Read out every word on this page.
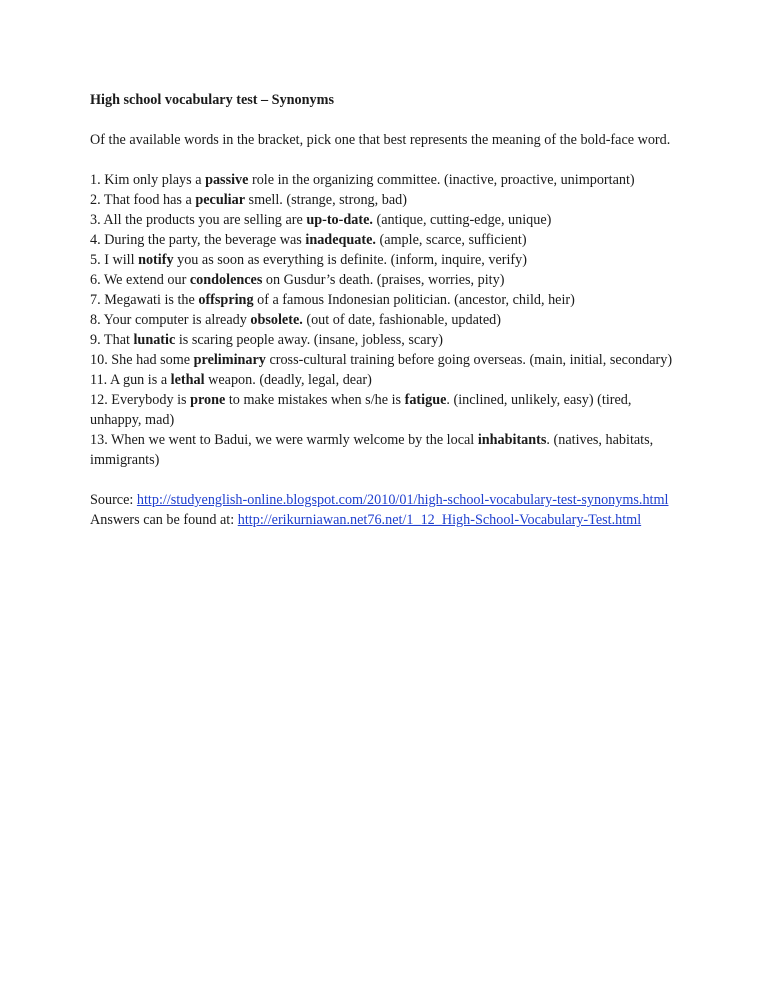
High school vocabulary test – Synonyms

Of the available words in the bracket, pick one that best represents the meaning of the bold-face word.

1. Kim only plays a passive role in the organizing committee. (inactive, proactive, unimportant)
2. That food has a peculiar smell. (strange, strong, bad)
3. All the products you are selling are up-to-date. (antique, cutting-edge, unique)
4. During the party, the beverage was inadequate. (ample, scarce, sufficient)
5. I will notify you as soon as everything is definite. (inform, inquire, verify)
6. We extend our condolences on Gusdur’s death. (praises, worries, pity)
7. Megawati is the offspring of a famous Indonesian politician. (ancestor, child, heir)
8. Your computer is already obsolete. (out of date, fashionable, updated)
9. That lunatic is scaring people away. (insane, jobless, scary)
10. She had some preliminary cross-cultural training before going overseas. (main, initial, secondary)
11. A gun is a lethal weapon. (deadly, legal, dear)
12. Everybody is prone to make mistakes when s/he is fatigue. (inclined, unlikely, easy) (tired, unhappy, mad)
13. When we went to Badui, we were warmly welcome by the local inhabitants. (natives, habitats, immigrants)

Source: http://studyenglish-online.blogspot.com/2010/01/high-school-vocabulary-test-synonyms.html

Answers can be found at: http://erikurniawan.net76.net/1_12_High-School-Vocabulary-Test.html
